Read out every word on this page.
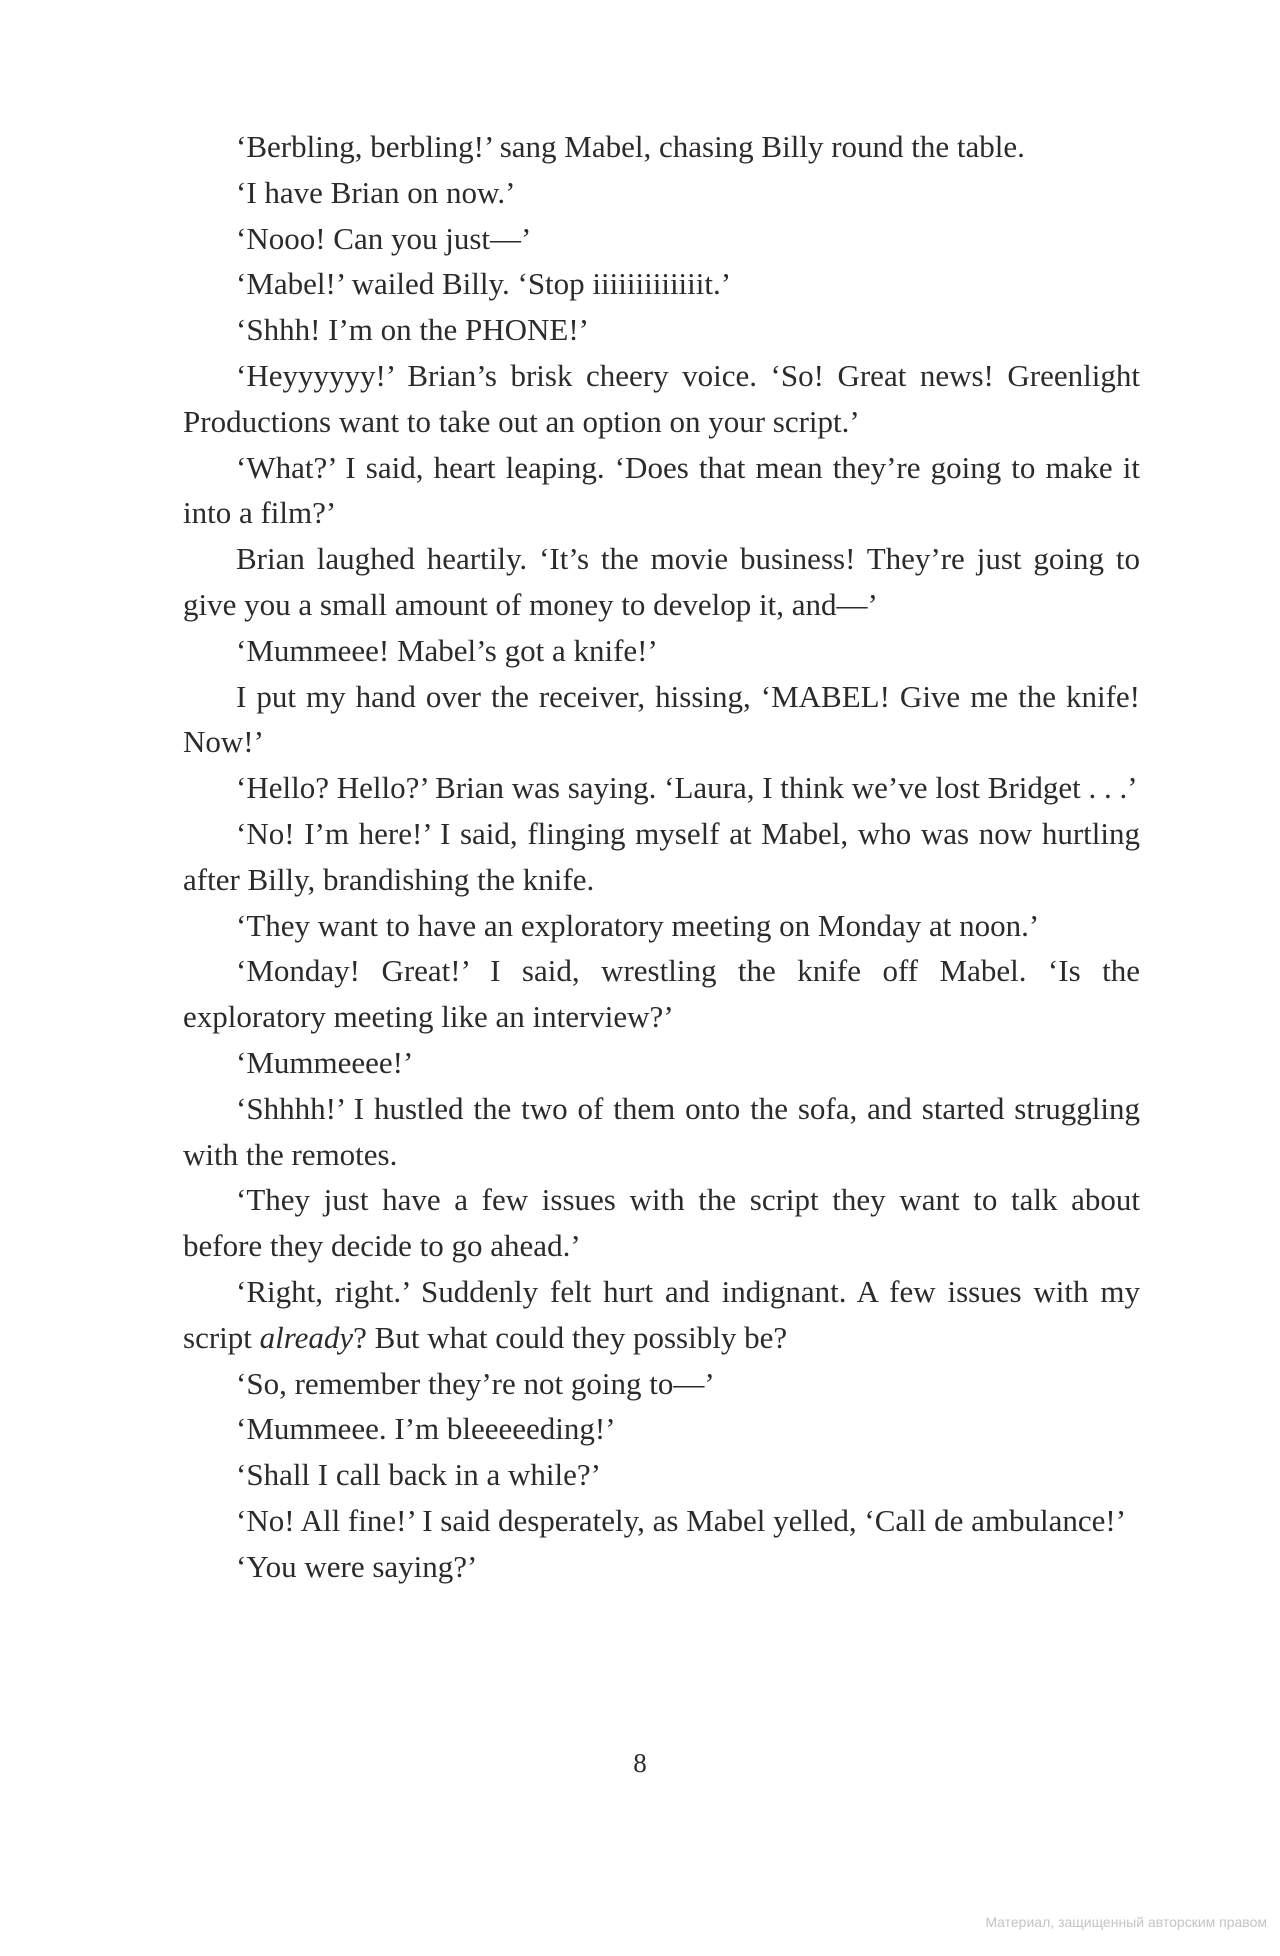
‘Berbling, berbling!’ sang Mabel, chasing Billy round the table.

‘I have Brian on now.’

‘Nooo! Can you just—’

‘Mabel!’ wailed Billy. ‘Stop iiiiiiiiiiiiit.’

‘Shhh! I’m on the PHONE!’

‘Heyyyyyy!’ Brian’s brisk cheery voice. ‘So! Great news! Greenlight Productions want to take out an option on your script.’

‘What?’ I said, heart leaping. ‘Does that mean they’re going to make it into a film?’

Brian laughed heartily. ‘It’s the movie business! They’re just going to give you a small amount of money to develop it, and—’

‘Mummeee! Mabel’s got a knife!’

I put my hand over the receiver, hissing, ‘MABEL! Give me the knife! Now!’

‘Hello? Hello?’ Brian was saying. ‘Laura, I think we’ve lost Bridget . . .’

‘No! I’m here!’ I said, flinging myself at Mabel, who was now hurtling after Billy, brandishing the knife.

‘They want to have an exploratory meeting on Monday at noon.’

‘Monday! Great!’ I said, wrestling the knife off Mabel. ‘Is the exploratory meeting like an interview?’

‘Mummeeee!’

‘Shhhh!’ I hustled the two of them onto the sofa, and started struggling with the remotes.

‘They just have a few issues with the script they want to talk about before they decide to go ahead.’

‘Right, right.’ Suddenly felt hurt and indignant. A few issues with my script already? But what could they possibly be?

‘So, remember they’re not going to—’

‘Mummeee. I’m bleeeeeding!’

‘Shall I call back in a while?’

‘No! All fine!’ I said desperately, as Mabel yelled, ‘Call de ambulance!’

‘You were saying?’

8
Материал, защищенный авторским правом
